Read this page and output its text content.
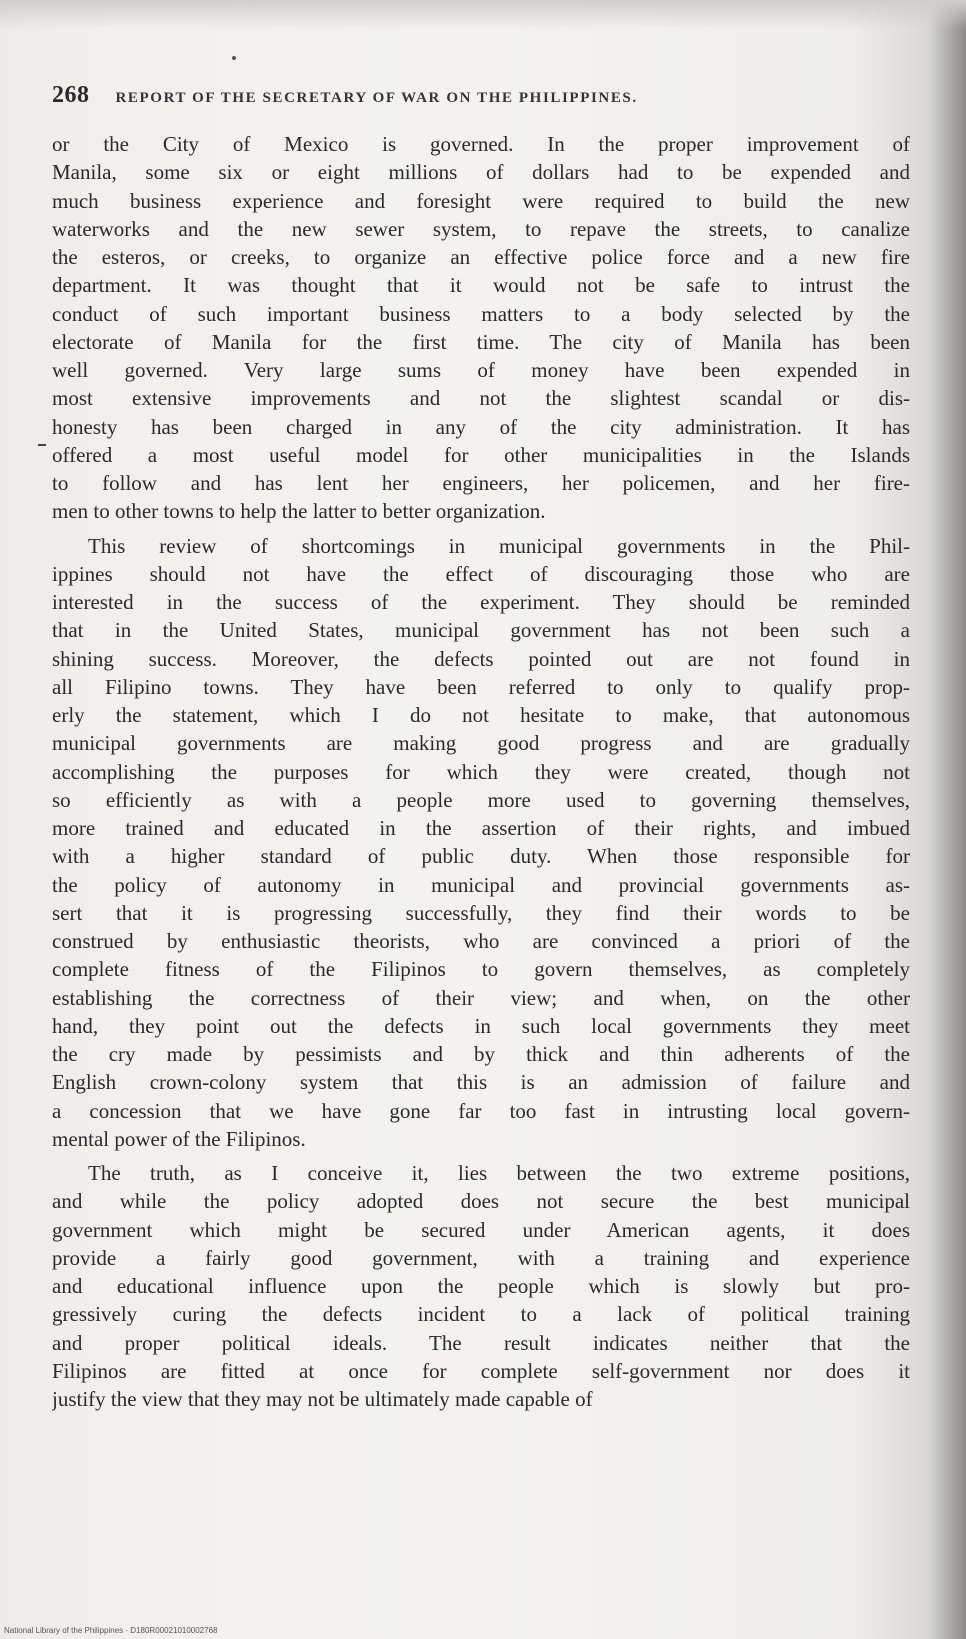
268 REPORT OF THE SECRETARY OF WAR ON THE PHILIPPINES.
or the City of Mexico is governed. In the proper improvement of
Manila, some six or eight millions of dollars had to be expended and
much business experience and foresight were required to build the new
waterworks and the new sewer system, to repave the streets, to canalize
the esteros, or creeks, to organize an effective police force and a new fire
department. It was thought that it would not be safe to intrust the
conduct of such important business matters to a body selected by the
electorate of Manila for the first time. The city of Manila has been
well governed. Very large sums of money have been expended in
most extensive improvements and not the slightest scandal or dis-
honesty has been charged in any of the city administration. It has
offered a most useful model for other municipalities in the Islands
to follow and has lent her engineers, her policemen, and her fire-
men to other towns to help the latter to better organization.
This review of shortcomings in municipal governments in the Phil-
ippines should not have the effect of discouraging those who are
interested in the success of the experiment. They should be reminded
that in the United States, municipal government has not been such a
shining success. Moreover, the defects pointed out are not found in
all Filipino towns. They have been referred to only to qualify prop-
erly the statement, which I do not hesitate to make, that autonomous
municipal governments are making good progress and are gradually
accomplishing the purposes for which they were created, though not
so efficiently as with a people more used to governing themselves,
more trained and educated in the assertion of their rights, and imbued
with a higher standard of public duty. When those responsible for
the policy of autonomy in municipal and provincial governments as-
sert that it is progressing successfully, they find their words to be
construed by enthusiastic theorists, who are convinced a priori of the
complete fitness of the Filipinos to govern themselves, as completely
establishing the correctness of their view; and when, on the other
hand, they point out the defects in such local governments they meet
the cry made by pessimists and by thick and thin adherents of the
English crown-colony system that this is an admission of failure and
a concession that we have gone far too fast in intrusting local govern-
mental power of the Filipinos.
The truth, as I conceive it, lies between the two extreme positions,
and while the policy adopted does not secure the best municipal
government which might be secured under American agents, it does
provide a fairly good government, with a training and experience
and educational influence upon the people which is slowly but pro-
gressively curing the defects incident to a lack of political training
and proper political ideals. The result indicates neither that the
Filipinos are fitted at once for complete self-government nor does it
justify the view that they may not be ultimately made capable of
National Library of the Philippines · D180R00021010002768
